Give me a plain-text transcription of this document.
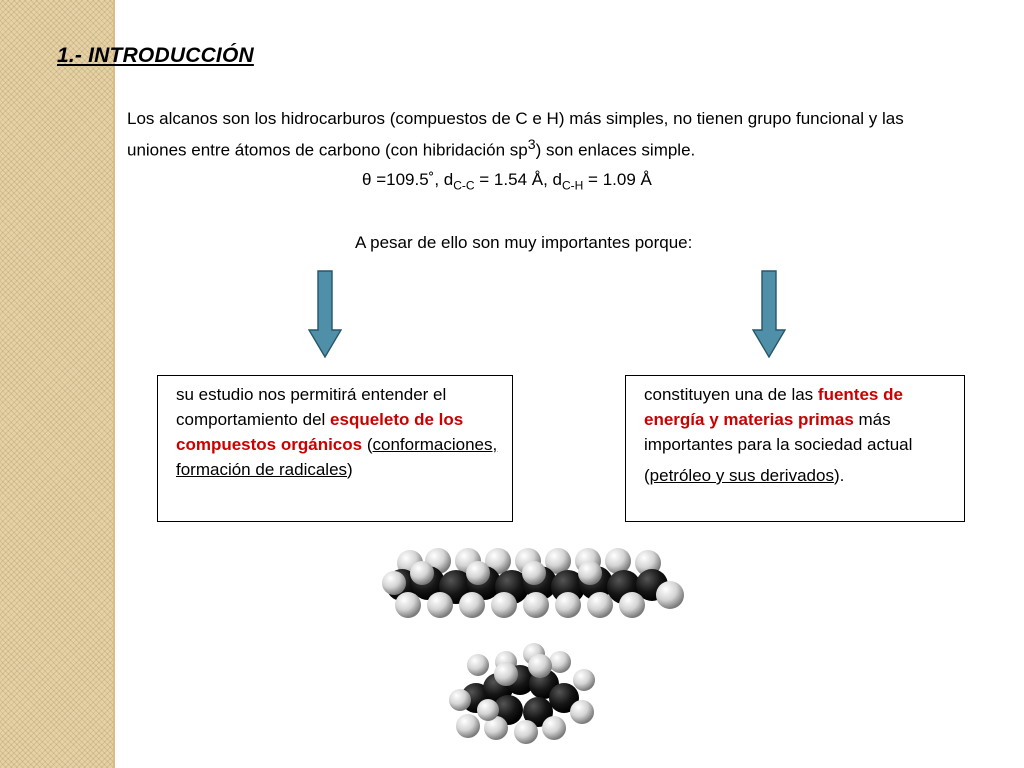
1.- INTRODUCCIÓN
Los alcanos son los hidrocarburos (compuestos de C e H) más simples, no tienen grupo funcional y las uniones entre átomos de carbono (con hibridación $sp^3$) son enlaces simple.
θ =109.5˚, $d_{C-C} = 1.54$ Å, $d_{C-H} = 1.09$ Å
A pesar de ello son muy importantes porque:
su estudio nos permitirá entender el comportamiento del esqueleto de los compuestos orgánicos (conformaciones, formación de radicales)
constituyen una de las fuentes de energía y materias primas más importantes para la sociedad actual
(petróleo y sus derivados).
